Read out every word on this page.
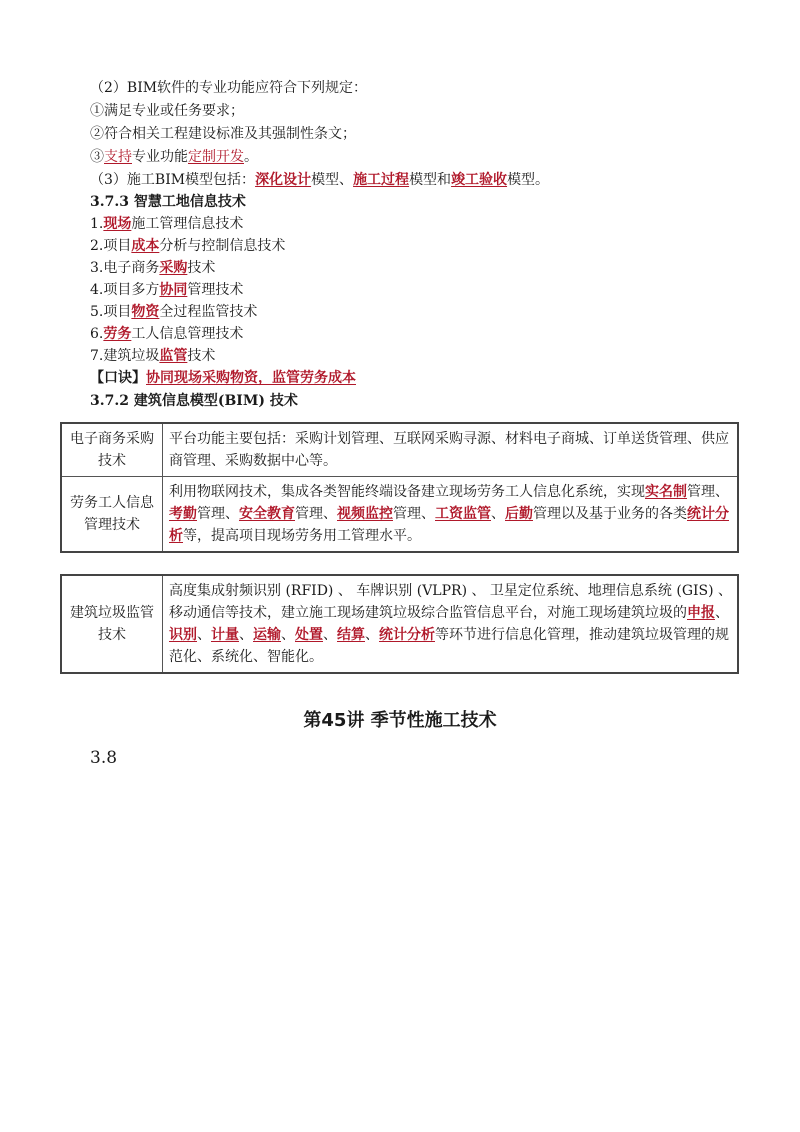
（2）BIM软件的专业功能应符合下列规定：
①满足专业或任务要求；
②符合相关工程建设标准及其强制性条文；
③支持专业功能定制开发。
（3）施工BIM模型包括：深化设计模型、施工过程模型和竣工验收模型。
3.7.3 智慧工地信息技术
1.现场施工管理信息技术
2.项目成本分析与控制信息技术
3.电子商务采购技术
4.项目多方协同管理技术
5.项目物资全过程监管技术
6.劳务工人信息管理技术
7.建筑垃圾监管技术
【口诀】协同现场采购物资，监管劳务成本
3.7.2 建筑信息模型(BIM) 技术
电子商务采购技术	平台功能主要包括：采购计划管理、互联网采购寻源、材料电子商城、订单送货管理、供应商管理、采购数据中心等。
劳务工人信息管理技术	利用物联网技术，集成各类智能终端设备建立现场劳务工人信息化系统，实现实名制管理、考勤管理、安全教育管理、视频监控管理、工资监管、后勤管理以及基于业务的各类统计分析等，提高项目现场劳务用工管理水平。
建筑垃圾监管技术	高度集成射频识别 (RFID) 、 车牌识别 (VLPR) 、 卫星定位系统、地理信息系统 (GIS) 、 移动通信等技术，建立施工现场建筑垃圾综合监管信息平台，对施工现场建筑垃圾的申报、识别、计量、运输、处置、结算、统计分析等环节进行信息化管理，推动建筑垃圾管理的规范化、系统化、智能化。
第45讲 季节性施工技术
3.8
